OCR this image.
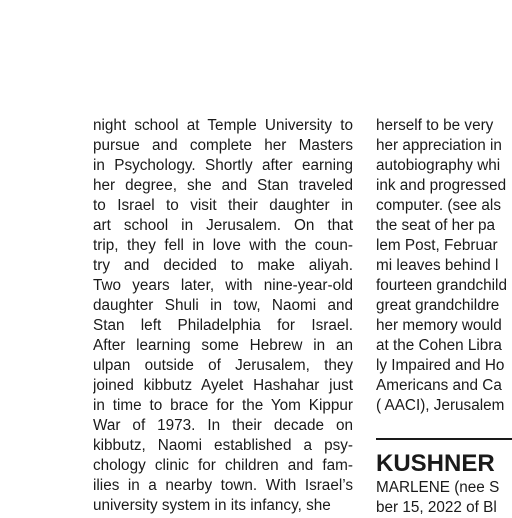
night school at Temple University to
pursue and complete her Masters
in Psychology. Shortly after earning
her degree, she and Stan traveled
to Israel to visit their daughter in
art school in Jerusalem. On that
trip, they fell in love with the coun-
try and decided to make aliyah.
Two years later, with nine-year-old
daughter Shuli in tow, Naomi and
Stan left Philadelphia for Israel.
After learning some Hebrew in an
ulpan outside of Jerusalem, they
joined kibbutz Ayelet Hashahar just
in time to brace for the Yom Kippur
War of 1973. In their decade on
kibbutz, Naomi established a psy-
chology clinic for children and fam-
ilies in a nearby town. With Israel’s
university system in its infancy, she
herself to be very
her appreciation in
autobiography whi
ink and progressed
computer. (see als
the seat of her pa
lem Post, Februar
mi leaves behind l
fourteen grandchild
great grandchildre
her memory would
at the Cohen Libra
ly Impaired and Ho
Americans and Ca
( AACI), Jerusalem
KUSHNER
MARLENE (nee S
ber 15, 2022 of Bl
